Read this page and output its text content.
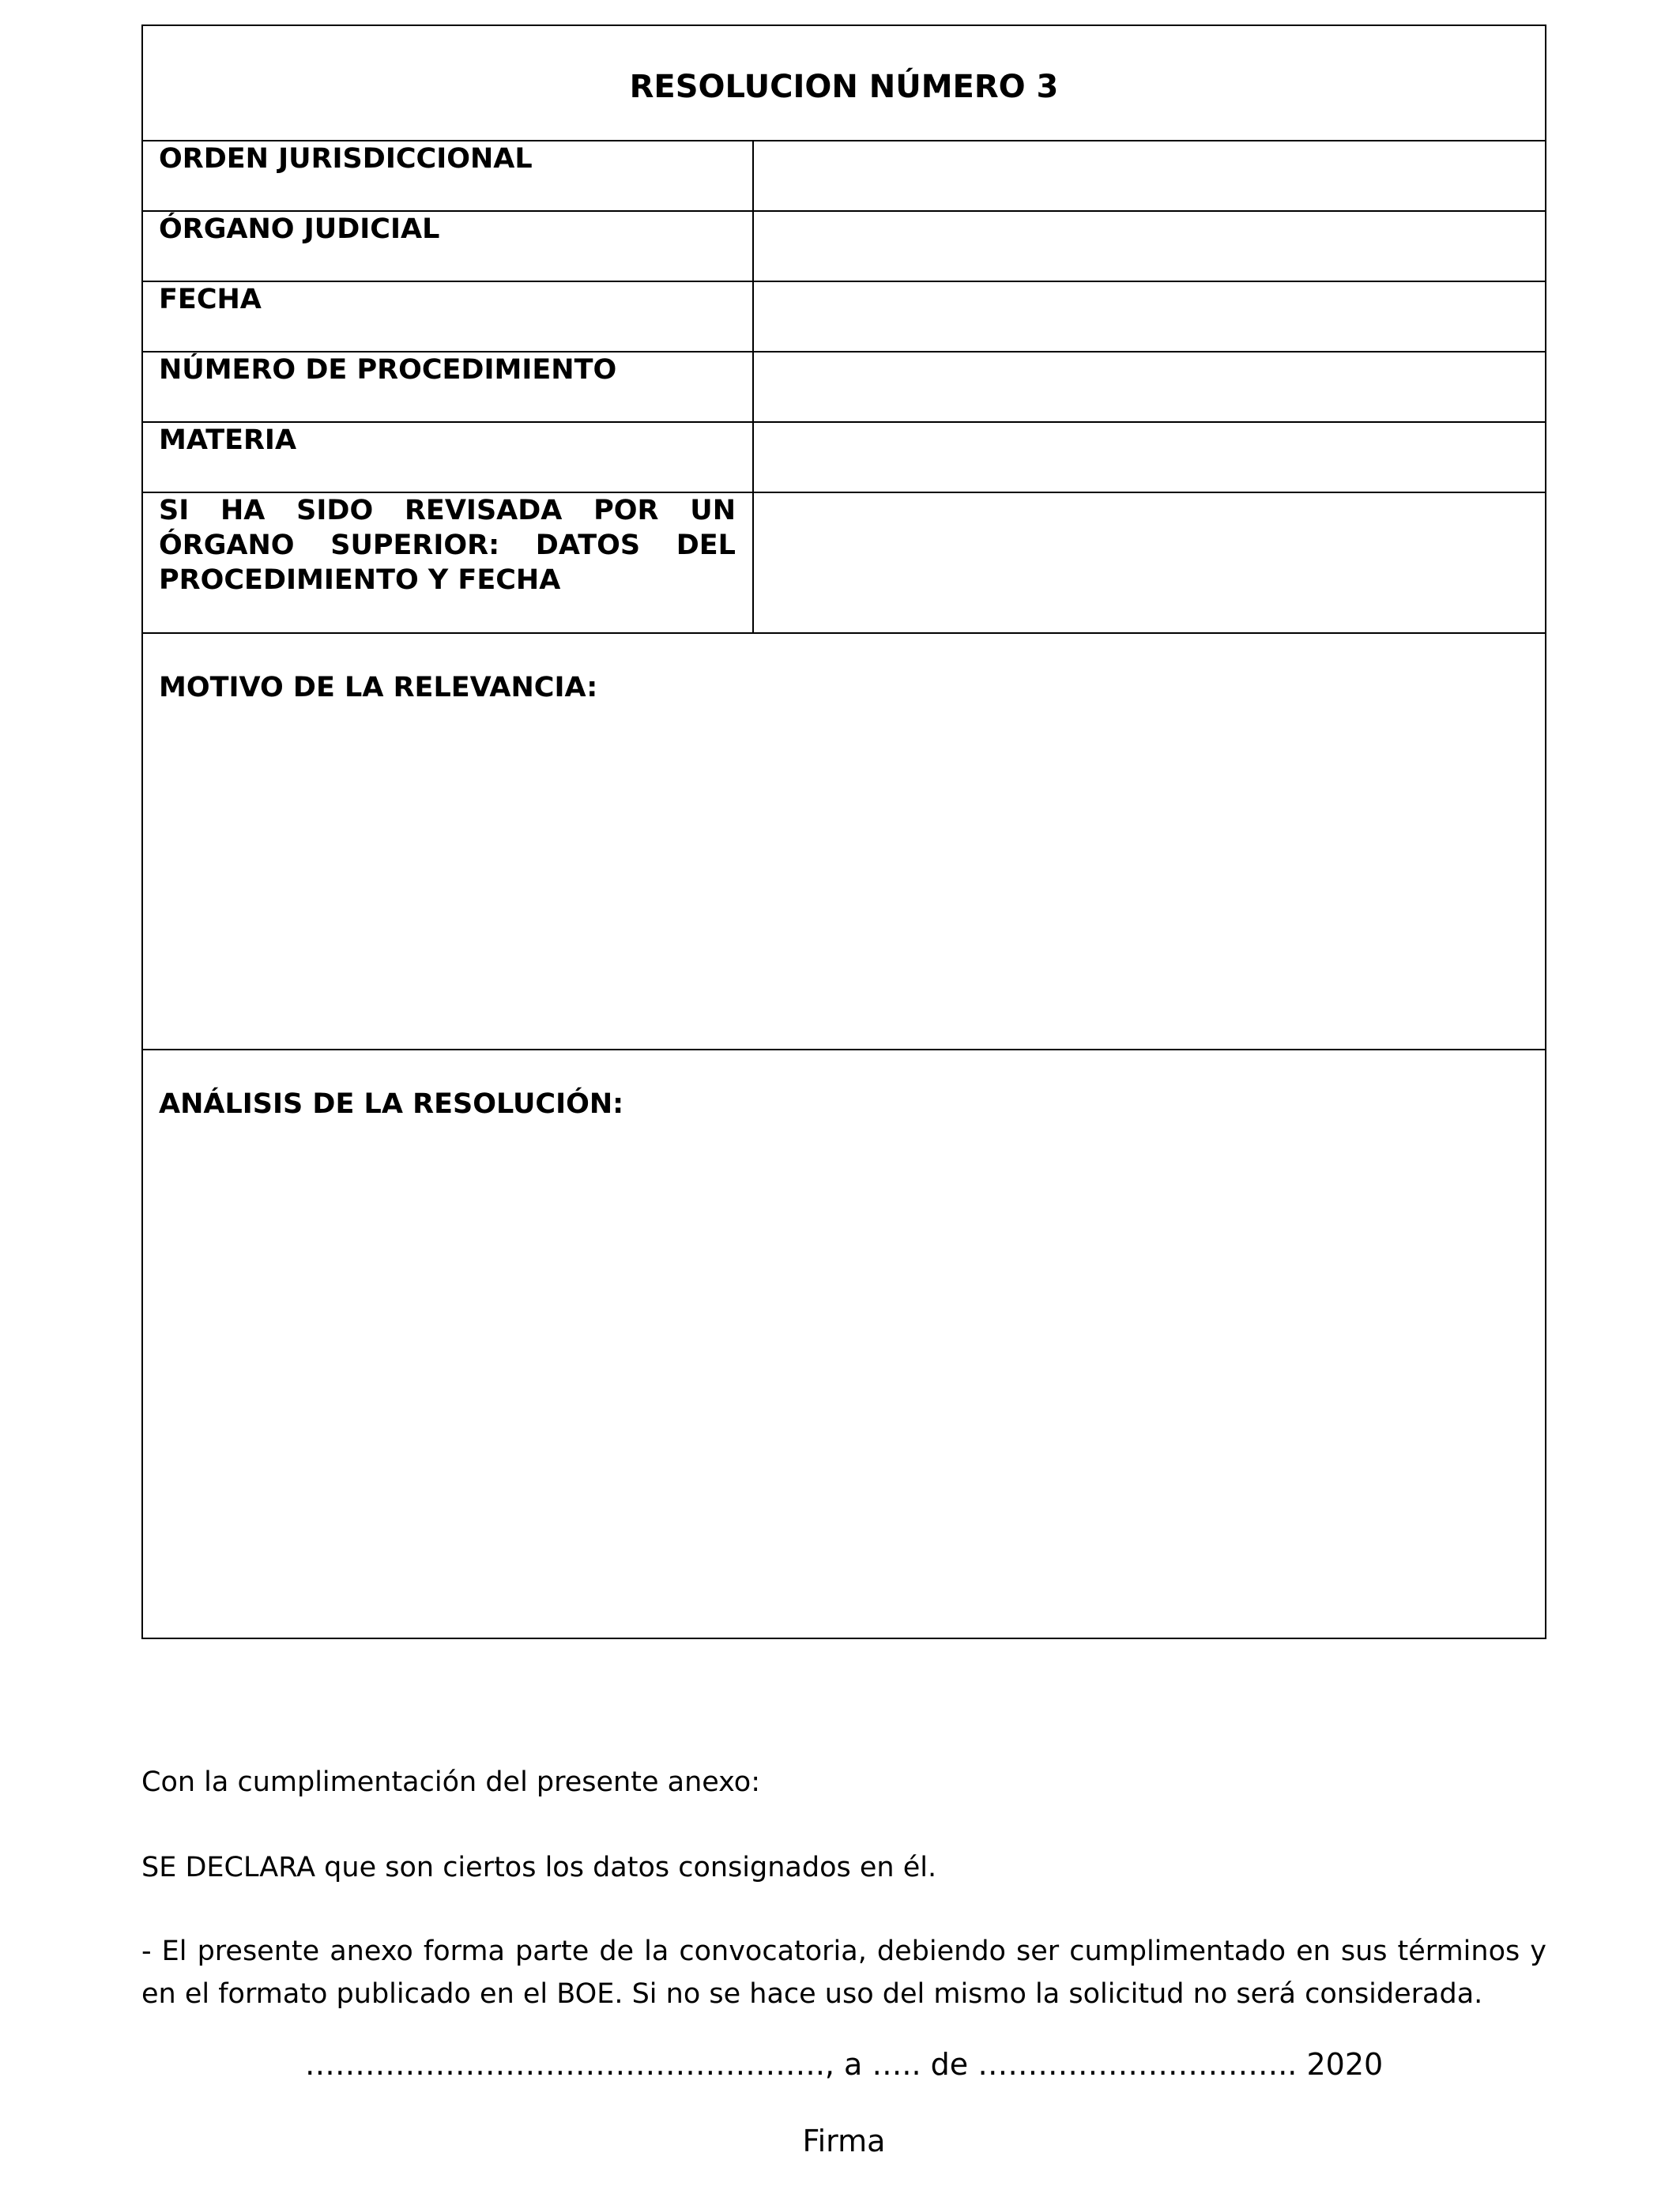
RESOLUCION NÚMERO 3
ORDEN JURISDICCIONAL
ÓRGANO JUDICIAL
FECHA
NÚMERO DE PROCEDIMIENTO
MATERIA
SI HA SIDO REVISADA POR UN
ÓRGANO SUPERIOR: DATOS DEL
PROCEDIMIENTO Y FECHA
MOTIVO DE LA RELEVANCIA:
ANÁLISIS DE LA RESOLUCIÓN:
Con la cumplimentación del presente anexo:
SE DECLARA que son ciertos los datos consignados en él.
- El presente anexo forma parte de la convocatoria, debiendo ser cumplimentado en sus términos y en el formato publicado en el BOE. Si no se hace uso del mismo la solicitud no será considerada.
……………………………………………., a ….. de ………………………….. 2020
Firma
